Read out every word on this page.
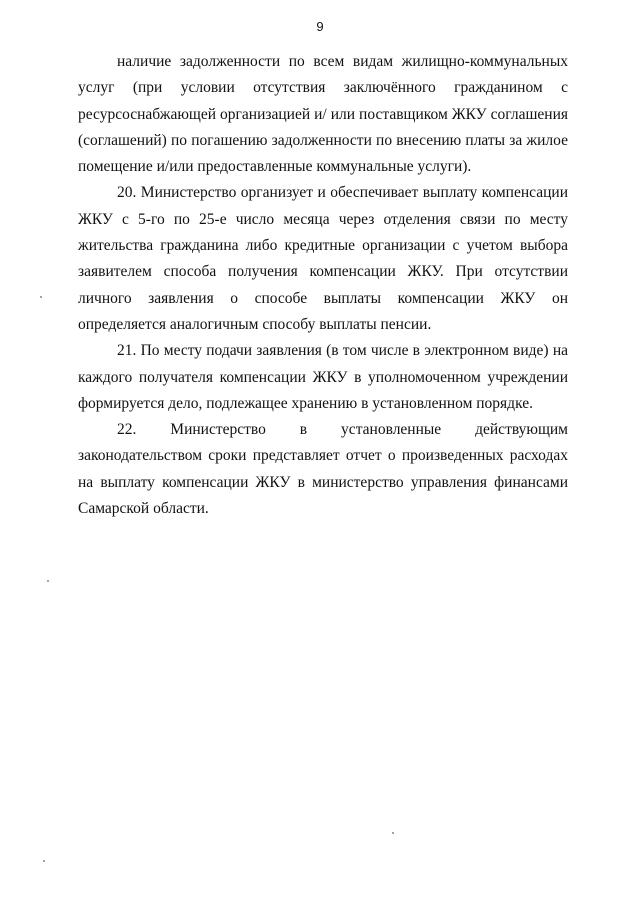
9

наличие задолженности по всем видам жилищно-коммунальных услуг (при условии отсутствия заключённого гражданином с ресурсоснабжающей организацией и/ или поставщиком ЖКУ соглашения (соглашений) по погашению задолженности по внесению платы за жилое помещение и/или предоставленные коммунальные услуги).

20. Министерство организует и обеспечивает выплату компенсации ЖКУ с 5-го по 25-е число месяца через отделения связи по месту жительства гражданина либо кредитные организации с учетом выбора заявителем способа получения компенсации ЖКУ. При отсутствии личного заявления о способе выплаты компенсации ЖКУ он определяется аналогичным способу выплаты пенсии.

21. По месту подачи заявления (в том числе в электронном виде) на каждого получателя компенсации ЖКУ в уполномоченном учреждении формируется дело, подлежащее хранению в установленном порядке.

22. Министерство в установленные действующим законодательством сроки представляет отчет о произведенных расходах на выплату компенсации ЖКУ в министерство управления финансами Самарской области.
